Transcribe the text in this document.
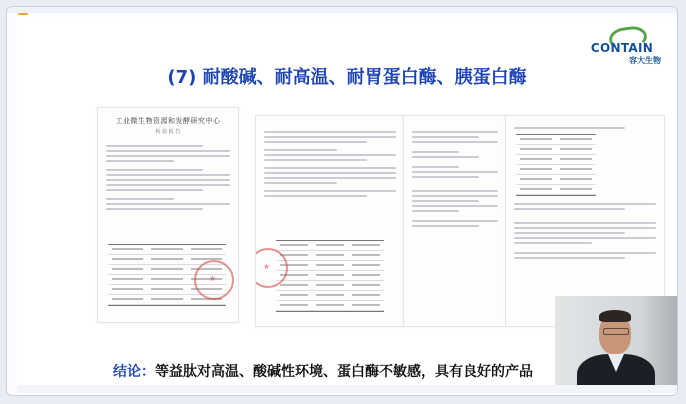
CONTAIN
容大生物
(7) 耐酸碱、耐高温、耐胃蛋白酶、胰蛋白酶
工业微生物资源和发酵研究中心
检 验 报 告
结论：等益肽对高温、酸碱性环境、蛋白酶不敏感，具有良好的产品
